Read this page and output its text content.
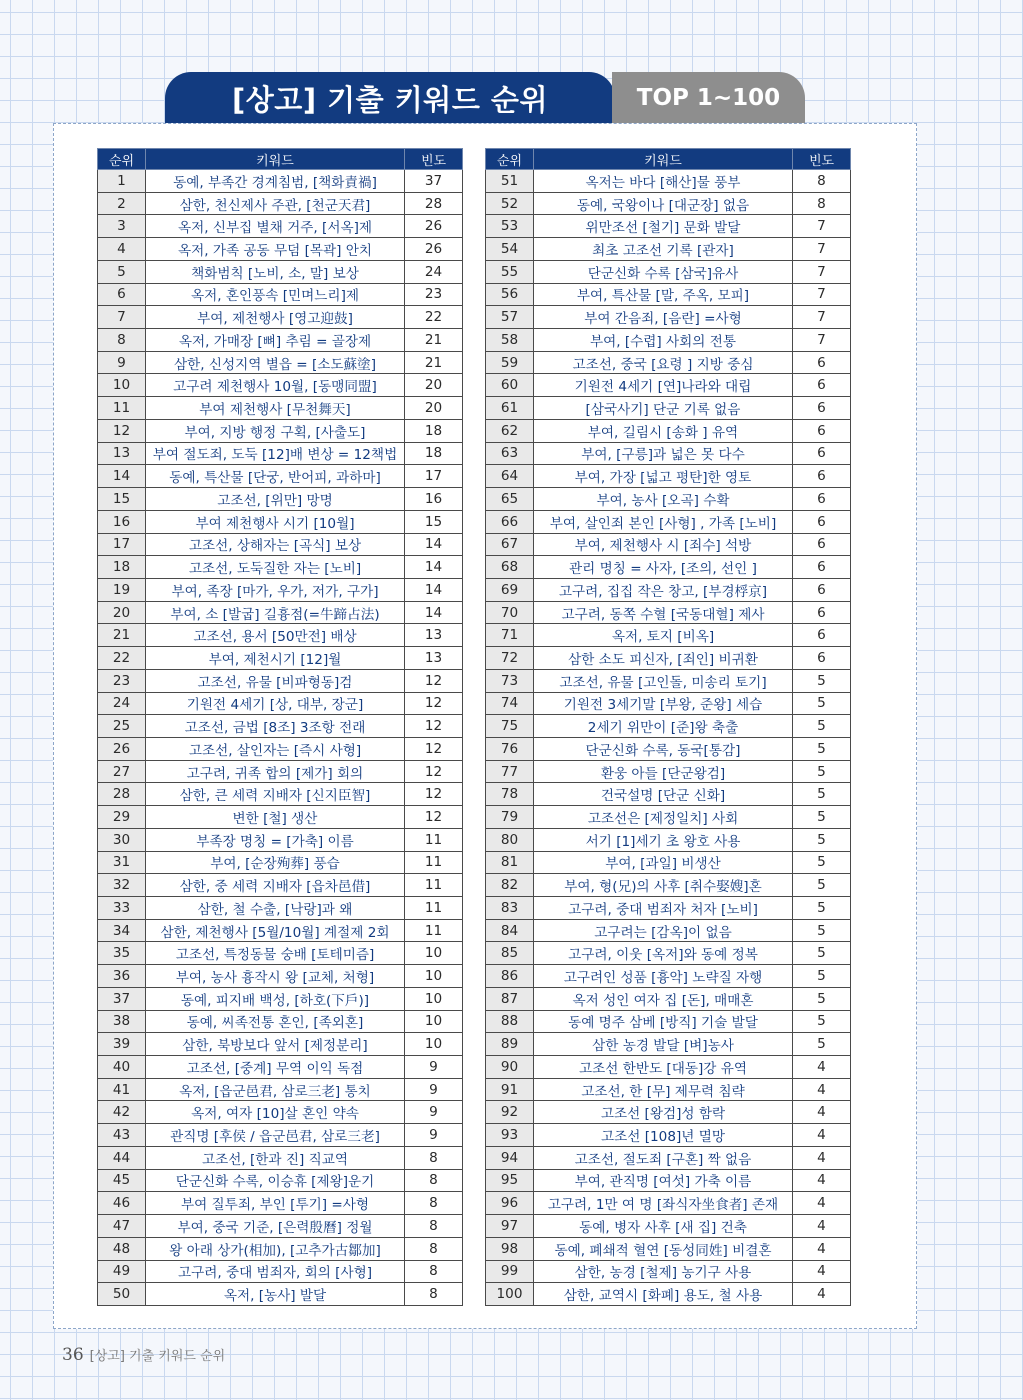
[상고] 기출 키워드 순위	TOP 1~100
순위	키워드	빈도
1	동예, 부족간 경계침범, [책화責禍]	37
2	삼한, 천신제사 주관, [천군天君]	28
3	옥저, 신부집 별채 거주, [서옥]제	26
4	옥저, 가족 공동 무덤 [목곽] 안치	26
5	책화범칙 [노비, 소, 말] 보상	24
6	옥저, 혼인풍속 [민며느리]제	23
7	부여, 제천행사 [영고迎鼓]	22
8	옥저, 가매장 [뼈] 추림 = 골장제	21
9	삼한, 신성지역 별읍 = [소도蘇塗]	21
10	고구려 제천행사 10월, [동맹同盟]	20
11	부여 제천행사 [무천舞天]	20
12	부여, 지방 행정 구획, [사출도]	18
13	부여 절도죄, 도둑 [12]배 변상 = 12책법	18
14	동예, 특산물 [단궁, 반어피, 과하마]	17
15	고조선, [위만] 망명	16
16	부여 제천행사 시기 [10월]	15
17	고조선, 상해자는 [곡식] 보상	14
18	고조선, 도둑질한 자는 [노비]	14
19	부여, 족장 [마가, 우가, 저가, 구가]	14
20	부여, 소 [발굽] 길흉점(=牛蹄占法)	14
21	고조선, 용서 [50만전] 배상	13
22	부여, 제천시기 [12]월	13
23	고조선, 유물 [비파형동]검	12
24	기원전 4세기 [상, 대부, 장군]	12
25	고조선, 금법 [8조] 3조항 전래	12
26	고조선, 살인자는 [즉시 사형]	12
27	고구려, 귀족 합의 [제가] 회의	12
28	삼한, 큰 세력 지배자 [신지臣智]	12
29	변한 [철] 생산	12
30	부족장 명칭 = [가축] 이름	11
31	부여, [순장殉葬] 풍습	11
32	삼한, 중 세력 지배자 [읍차邑借]	11
33	삼한, 철 수출, [낙랑]과 왜	11
34	삼한, 제천행사 [5월/10월] 계절제 2회	11
35	고조선, 특정동물 숭배 [토테미즘]	10
36	부여, 농사 흉작시 왕 [교체, 처형]	10
37	동예, 피지배 백성, [하호(下戶)]	10
38	동예, 씨족전통 혼인, [족외혼]	10
39	삼한, 북방보다 앞서 [제정분리]	10
40	고조선, [중계] 무역 이익 독점	9
41	옥저, [읍군邑君, 삼로三老] 통치	9
42	옥저, 여자 [10]살 혼인 약속	9
43	관직명 [후侯 / 읍군邑君, 삼로三老]	9
44	고조선, [한과 진] 직교역	8
45	단군신화 수록, 이승휴 [제왕]운기	8
46	부여 질투죄, 부인 [투기] =사형	8
47	부여, 중국 기준, [은력殷曆] 정월	8
48	왕 아래 상가(相加), [고추가古鄒加]	8
49	고구려, 중대 범죄자, 회의 [사형]	8
50	옥저, [농사] 발달	8
순위	키워드	빈도
51	옥저는 바다 [해산]물 풍부	8
52	동예, 국왕이나 [대군장] 없음	8
53	위만조선 [철기] 문화 발달	7
54	최초 고조선 기록 [관자]	7
55	단군신화 수록 [삼국]유사	7
56	부여, 특산물 [말, 주옥, 모피]	7
57	부여 간음죄, [음란] =사형	7
58	부여, [수렵] 사회의 전통	7
59	고조선, 중국 [요령 ] 지방 중심	6
60	기원전 4세기 [연]나라와 대립	6
61	[삼국사기] 단군 기록 없음	6
62	부여, 길림시 [송화 ] 유역	6
63	부여, [구릉]과 넓은 못 다수	6
64	부여, 가장 [넓고 평탄]한 영토	6
65	부여, 농사 [오곡] 수확	6
66	부여, 살인죄 본인 [사형] , 가족 [노비]	6
67	부여, 제천행사 시 [죄수] 석방	6
68	관리 명칭 = 사자, [조의, 선인 ]	6
69	고구려, 집집 작은 창고, [부경桴京]	6
70	고구려, 동쪽 수혈 [국동대혈] 제사	6
71	옥저, 토지 [비옥]	6
72	삼한 소도 피신자, [죄인] 비귀환	6
73	고조선, 유물 [고인돌, 미송리 토기]	5
74	기원전 3세기말 [부왕, 준왕] 세습	5
75	2세기 위만이 [준]왕 축출	5
76	단군신화 수록, 동국[통감]	5
77	환웅 아들 [단군왕검]	5
78	건국설명 [단군 신화]	5
79	고조선은 [제정일치] 사회	5
80	서기 [1]세기 초 왕호 사용	5
81	부여, [과일] 비생산	5
82	부여, 형(兄)의 사후 [취수娶嫂]혼	5
83	고구려, 중대 범죄자 처자 [노비]	5
84	고구려는 [감옥]이 없음	5
85	고구려, 이웃 [옥저]와 동예 정복	5
86	고구려인 성품 [흉악] 노략질 자행	5
87	옥저 성인 여자 집 [돈], 매매혼	5
88	동예 명주 삼베 [방직] 기술 발달	5
89	삼한 농경 발달 [벼]농사	5
90	고조선 한반도 [대동]강 유역	4
91	고조선, 한 [무] 제무력 침략	4
92	고조선 [왕검]성 함락	4
93	고조선 [108]년 멸망	4
94	고조선, 절도죄 [구혼] 짝 없음	4
95	부여, 관직명 [여섯] 가축 이름	4
96	고구려, 1만 여 명 [좌식자坐食者] 존재	4
97	동예, 병자 사후 [새 집] 건축	4
98	동예, 폐쇄적 혈연 [동성同姓] 비결혼	4
99	삼한, 농경 [철제] 농기구 사용	4
100	삼한, 교역시 [화폐] 용도, 철 사용	4
36 [상고] 기출 키워드 순위
